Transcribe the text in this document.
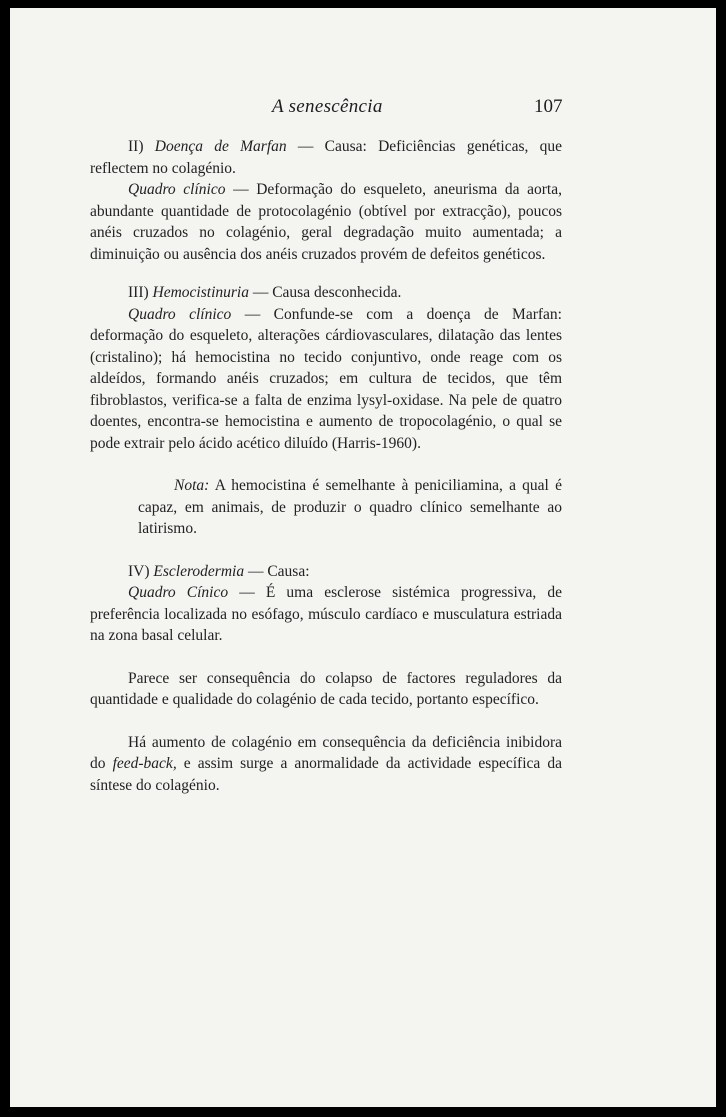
A senescência	107

II) Doença de Marfan — Causa: Deficiências genéticas, que reflectem no colagénio.

Quadro clínico — Deformação do esqueleto, aneurisma da aorta, abundante quantidade de protocolagénio (obtível por extracção), poucos anéis cruzados no colagénio, geral degradação muito aumentada; a diminuição ou ausência dos anéis cruzados provém de defeitos genéticos.

III) Hemocistinuria — Causa desconhecida.

Quadro clínico — Confunde-se com a doença de Marfan: deformação do esqueleto, alterações cárdiovasculares, dilatação das lentes (cristalino); há hemocistina no tecido conjuntivo, onde reage com os aldeídos, formando anéis cruzados; em cultura de tecidos, que têm fibroblastos, verifica-se a falta de enzima lysyl-oxidase. Na pele de quatro doentes, encontra-se hemocistina e aumento de tropocolagénio, o qual se pode extrair pelo ácido acético diluído (Harris-1960).

Nota: A hemocistina é semelhante à peniciliamina, a qual é capaz, em animais, de produzir o quadro clínico semelhante ao latirismo.

IV) Esclerodermia — Causa:

Quadro Cínico — É uma esclerose sistémica progressiva, de preferência localizada no esófago, músculo cardíaco e musculatura estriada na zona basal celular.

Parece ser consequência do colapso de factores reguladores da quantidade e qualidade do colagénio de cada tecido, portanto específico.

Há aumento de colagénio em consequência da deficiência inibidora do feed-back, e assim surge a anormalidade da actividade específica da síntese do colagénio.
